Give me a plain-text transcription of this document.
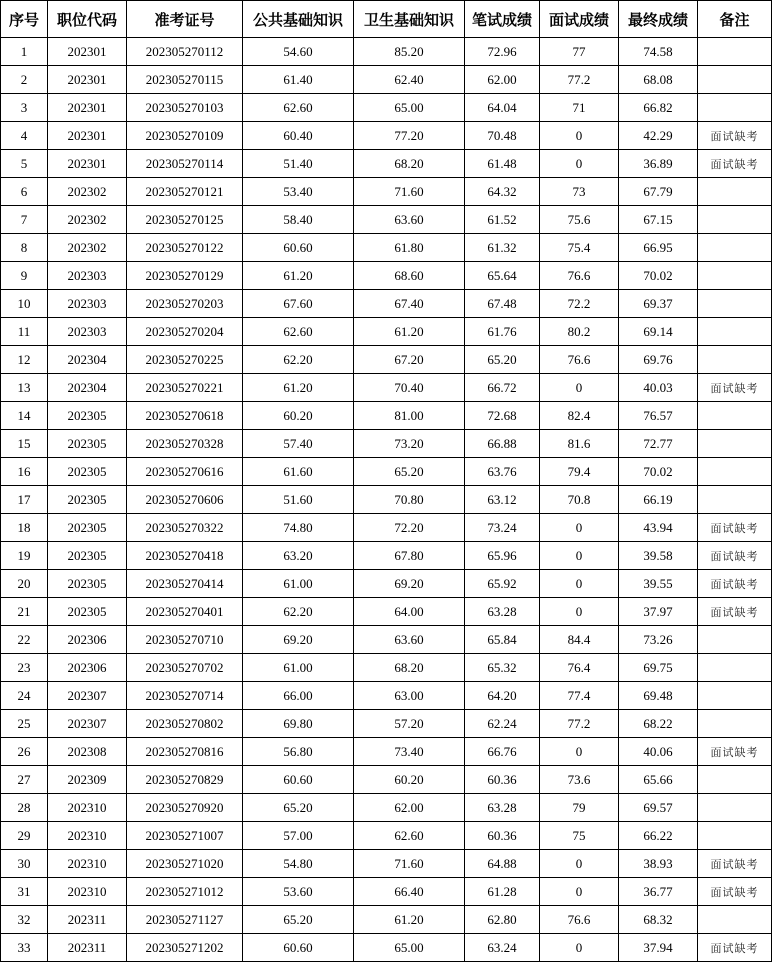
序号	职位代码	准考证号	公共基础知识	卫生基础知识	笔试成绩	面试成绩	最终成绩	备注
1	202301	202305270112	54.60	85.20	72.96	77	74.58	
2	202301	202305270115	61.40	62.40	62.00	77.2	68.08	
3	202301	202305270103	62.60	65.00	64.04	71	66.82	
4	202301	202305270109	60.40	77.20	70.48	0	42.29	面试缺考
5	202301	202305270114	51.40	68.20	61.48	0	36.89	面试缺考
6	202302	202305270121	53.40	71.60	64.32	73	67.79	
7	202302	202305270125	58.40	63.60	61.52	75.6	67.15	
8	202302	202305270122	60.60	61.80	61.32	75.4	66.95	
9	202303	202305270129	61.20	68.60	65.64	76.6	70.02	
10	202303	202305270203	67.60	67.40	67.48	72.2	69.37	
11	202303	202305270204	62.60	61.20	61.76	80.2	69.14	
12	202304	202305270225	62.20	67.20	65.20	76.6	69.76	
13	202304	202305270221	61.20	70.40	66.72	0	40.03	面试缺考
14	202305	202305270618	60.20	81.00	72.68	82.4	76.57	
15	202305	202305270328	57.40	73.20	66.88	81.6	72.77	
16	202305	202305270616	61.60	65.20	63.76	79.4	70.02	
17	202305	202305270606	51.60	70.80	63.12	70.8	66.19	
18	202305	202305270322	74.80	72.20	73.24	0	43.94	面试缺考
19	202305	202305270418	63.20	67.80	65.96	0	39.58	面试缺考
20	202305	202305270414	61.00	69.20	65.92	0	39.55	面试缺考
21	202305	202305270401	62.20	64.00	63.28	0	37.97	面试缺考
22	202306	202305270710	69.20	63.60	65.84	84.4	73.26	
23	202306	202305270702	61.00	68.20	65.32	76.4	69.75	
24	202307	202305270714	66.00	63.00	64.20	77.4	69.48	
25	202307	202305270802	69.80	57.20	62.24	77.2	68.22	
26	202308	202305270816	56.80	73.40	66.76	0	40.06	面试缺考
27	202309	202305270829	60.60	60.20	60.36	73.6	65.66	
28	202310	202305270920	65.20	62.00	63.28	79	69.57	
29	202310	202305271007	57.00	62.60	60.36	75	66.22	
30	202310	202305271020	54.80	71.60	64.88	0	38.93	面试缺考
31	202310	202305271012	53.60	66.40	61.28	0	36.77	面试缺考
32	202311	202305271127	65.20	61.20	62.80	76.6	68.32	
33	202311	202305271202	60.60	65.00	63.24	0	37.94	面试缺考
